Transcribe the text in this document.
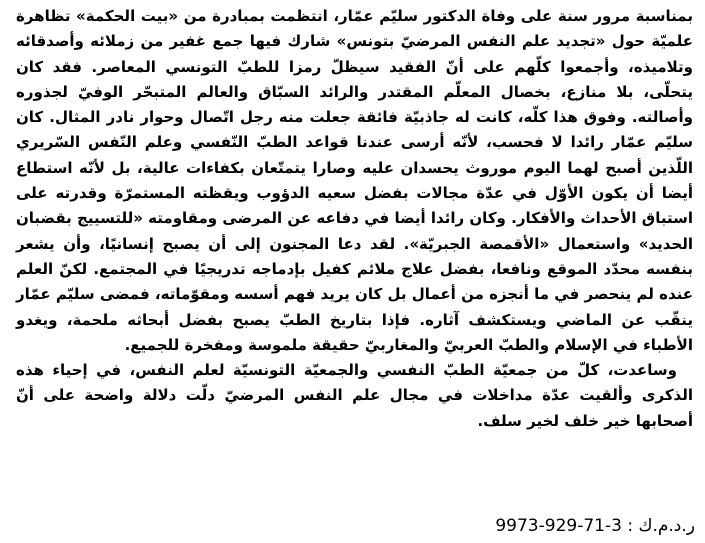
بمناسبة مرور سنة على وفاة الدكتور سليّم عمّار، انتظمت بمبادرة من «بيت الحكمة» تظاهرة علميّة حول «تجديد علم النفس المرضيّ بتونس» شارك فيها جمع غفير من زملائه وأصدقائه وتلاميذه، وأجمعوا كلّهم على أنّ الفقيد سيظلّ رمزا للطبّ التونسي المعاصر. فقد كان يتحلّى، بلا منازع، بخصال المعلّم المقتدر والرائد السبّاق والعالم المتبحّر الوفيّ لجذوره وأصالته. وفوق هذا كلّه، كانت له جاذبيّة فائقة جعلت منه رجل اتّصال وحوار نادر المثال. كان سليّم عمّار رائدا لا فحسب، لأنّه أرسى عندنا قواعد الطبّ النّفسي وعلم النّفس السّريري اللّذين أصبح لهما اليوم موروث يحسدان عليه وصارا يتمتّعان بكفاءات عالية، بل لأنّه استطاع أيضا أن يكون الأوّل في عدّة مجالات بفضل سعيه الدؤوب ويقظته المستمرّة وقدرته على استباق الأحداث والأفكار. وكان رائدا أيضا في دفاعه عن المرضى ومقاومته «للتسييج بقضبان الحديد» واستعمال «الأقمصة الجبريّة». لقد دعا المجنون إلى أن يصبح إنسانيًا، وأن يشعر بنفسه محدّد الموقع ونافعا، بفضل علاج ملائم كفيل بإدماجه تدريجيًا في المجتمع. لكنّ العلم عنده لم ينحصر في ما أنجزه من أعمال بل كان يريد فهم أسسه ومقوّماته، فمضى سليّم عمّار ينقّب عن الماضي ويستكشف آثاره. فإذا بتاريخ الطبّ يصبح بفضل أبحاثه ملحمة، ويغدو الأطباء في الإسلام والطبّ العربيّ والمغاربيّ حقيقة ملموسة ومفخرة للجميع.

وساعدت، كلّ من جمعيّة الطبّ النفسي والجمعيّة التونسيّة لعلم النفس، في إحياء هذه الذكرى وألقيت عدّة مداخلات في مجال علم النفس المرضيّ دلّت دلالة واضحة على أنّ أصحابها خير خلف لخير سلف.

ر.د.م.ك : 9973-929-71-3
